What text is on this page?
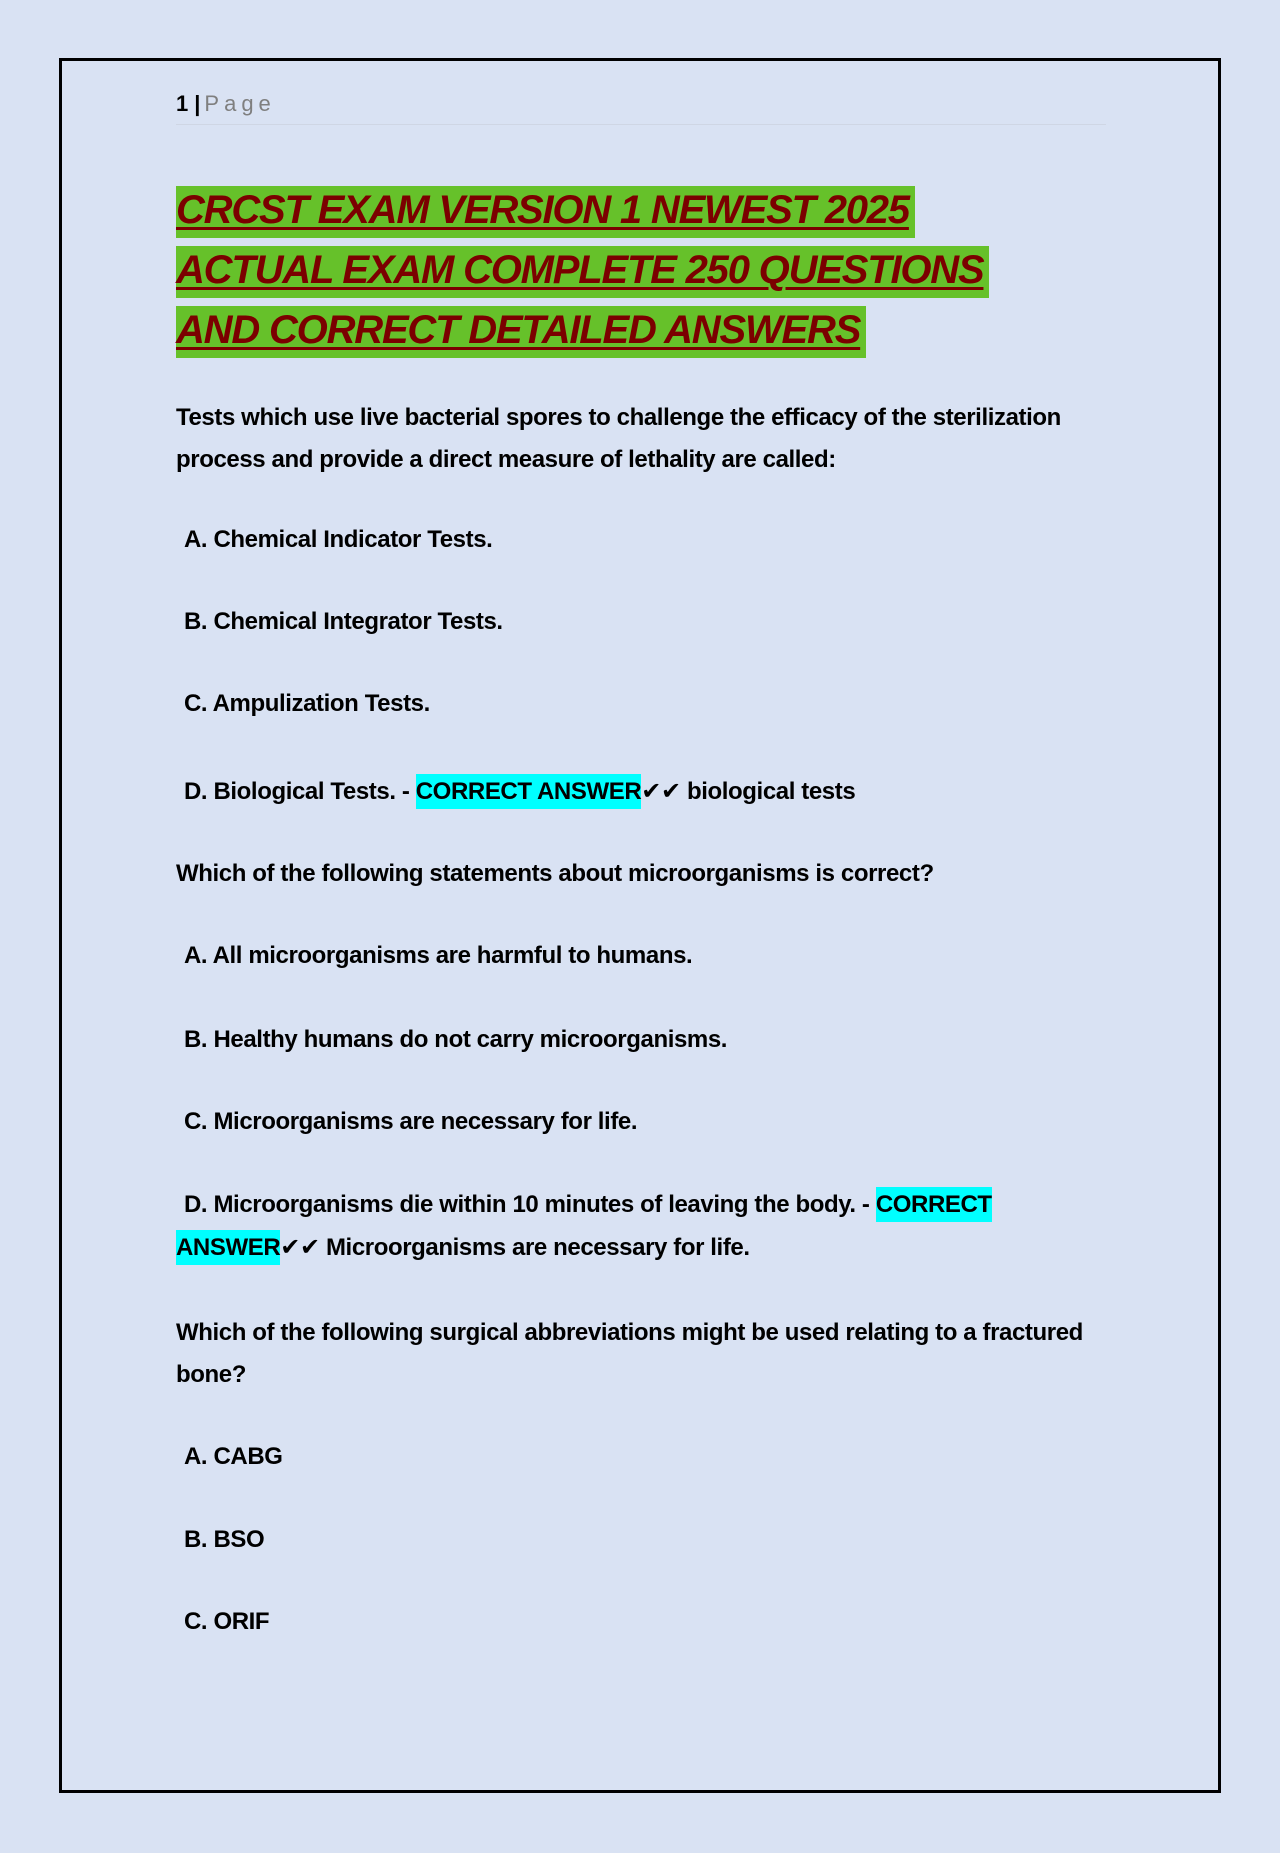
1 | Page
CRCST EXAM VERSION 1 NEWEST 2025
ACTUAL EXAM COMPLETE 250 QUESTIONS
AND CORRECT DETAILED ANSWERS
Tests which use live bacterial spores to challenge the efficacy of the sterilization process and provide a direct measure of lethality are called:
A. Chemical Indicator Tests.
B. Chemical Integrator Tests.
C. Ampulization Tests.
D. Biological Tests. - CORRECT ANSWER✔✔ biological tests
Which of the following statements about microorganisms is correct?
A. All microorganisms are harmful to humans.
B. Healthy humans do not carry microorganisms.
C. Microorganisms are necessary for life.
D. Microorganisms die within 10 minutes of leaving the body. - CORRECT
ANSWER✔✔ Microorganisms are necessary for life.
Which of the following surgical abbreviations might be used relating to a fractured bone?
A. CABG
B. BSO
C. ORIF
